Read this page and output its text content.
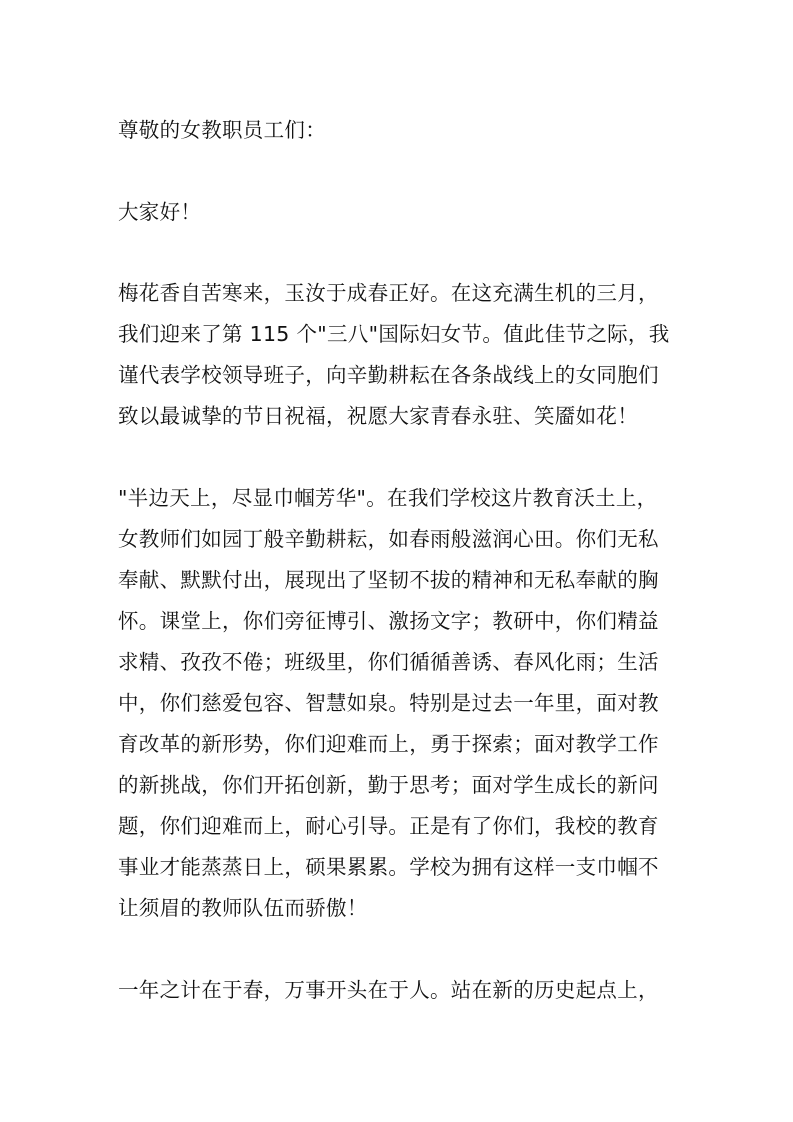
尊敬的女教职员工们：
大家好！
梅花香自苦寒来，玉汝于成春正好。在这充满生机的三月，
我们迎来了第 115 个"三八"国际妇女节。值此佳节之际，我
谨代表学校领导班子，向辛勤耕耘在各条战线上的女同胞们
致以最诚挚的节日祝福，祝愿大家青春永驻、笑靥如花！
"半边天上，尽显巾帼芳华"。在我们学校这片教育沃土上，
女教师们如园丁般辛勤耕耘，如春雨般滋润心田。你们无私
奉献、默默付出，展现出了坚韧不拔的精神和无私奉献的胸
怀。课堂上，你们旁征博引、激扬文字；教研中，你们精益
求精、孜孜不倦；班级里，你们循循善诱、春风化雨；生活
中，你们慈爱包容、智慧如泉。特别是过去一年里，面对教
育改革的新形势，你们迎难而上，勇于探索；面对教学工作
的新挑战，你们开拓创新，勤于思考；面对学生成长的新问
题，你们迎难而上，耐心引导。正是有了你们，我校的教育
事业才能蒸蒸日上，硕果累累。学校为拥有这样一支巾帼不
让须眉的教师队伍而骄傲！
一年之计在于春，万事开头在于人。站在新的历史起点上，
